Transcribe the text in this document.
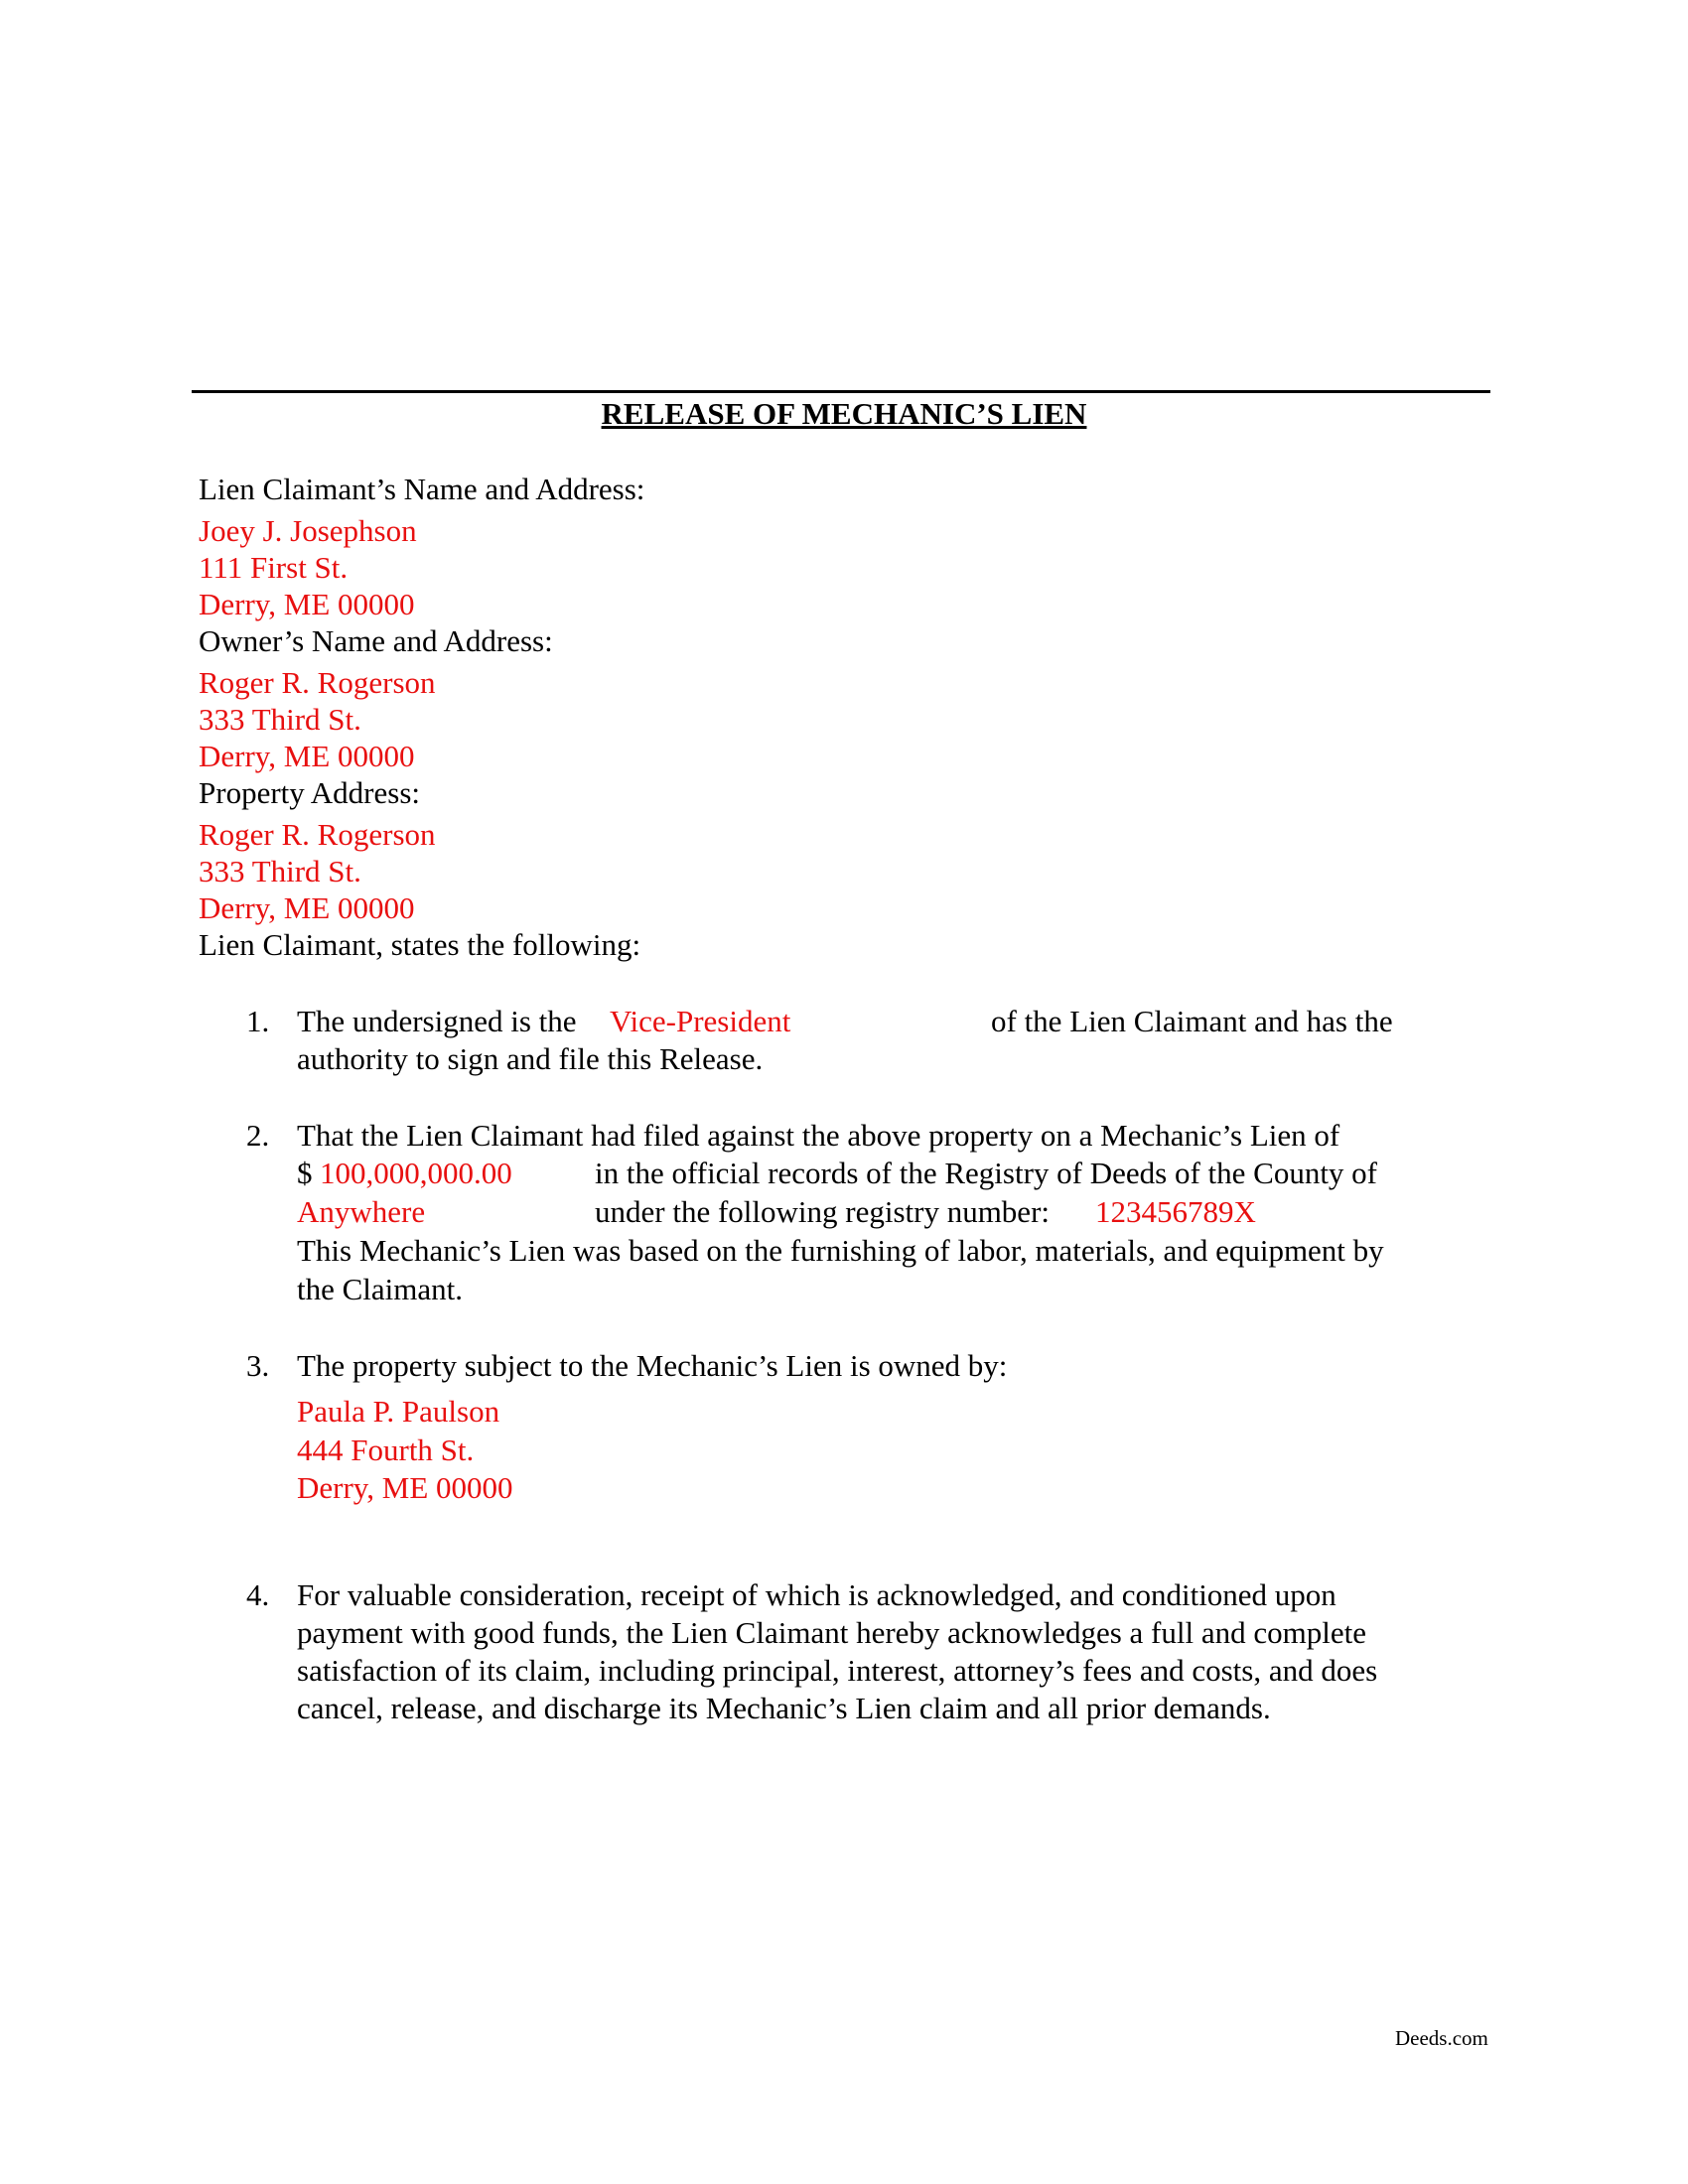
RELEASE OF MECHANIC’S LIEN
Lien Claimant’s Name and Address:
Joey J. Josephson
111 First St.
Derry, ME 00000
Owner’s Name and Address:
Roger R. Rogerson
333 Third St.
Derry, ME 00000
Property Address:
Roger R. Rogerson
333 Third St.
Derry, ME 00000
Lien Claimant, states the following:
1. The undersigned is the Vice-President	of the Lien Claimant and has the
authority to sign and file this Release.
2. That the Lien Claimant had filed against the above property on a Mechanic’s Lien of
$ 100,000,000.00	in the official records of the Registry of Deeds of the County of
Anywhere	under the following registry number: 123456789X
This Mechanic’s Lien was based on the furnishing of labor, materials, and equipment by
the Claimant.
3. The property subject to the Mechanic’s Lien is owned by:
Paula P. Paulson
444 Fourth St.
Derry, ME 00000
4. For valuable consideration, receipt of which is acknowledged, and conditioned upon
payment with good funds, the Lien Claimant hereby acknowledges a full and complete
satisfaction of its claim, including principal, interest, attorney’s fees and costs, and does
cancel, release, and discharge its Mechanic’s Lien claim and all prior demands.
Deeds.com
